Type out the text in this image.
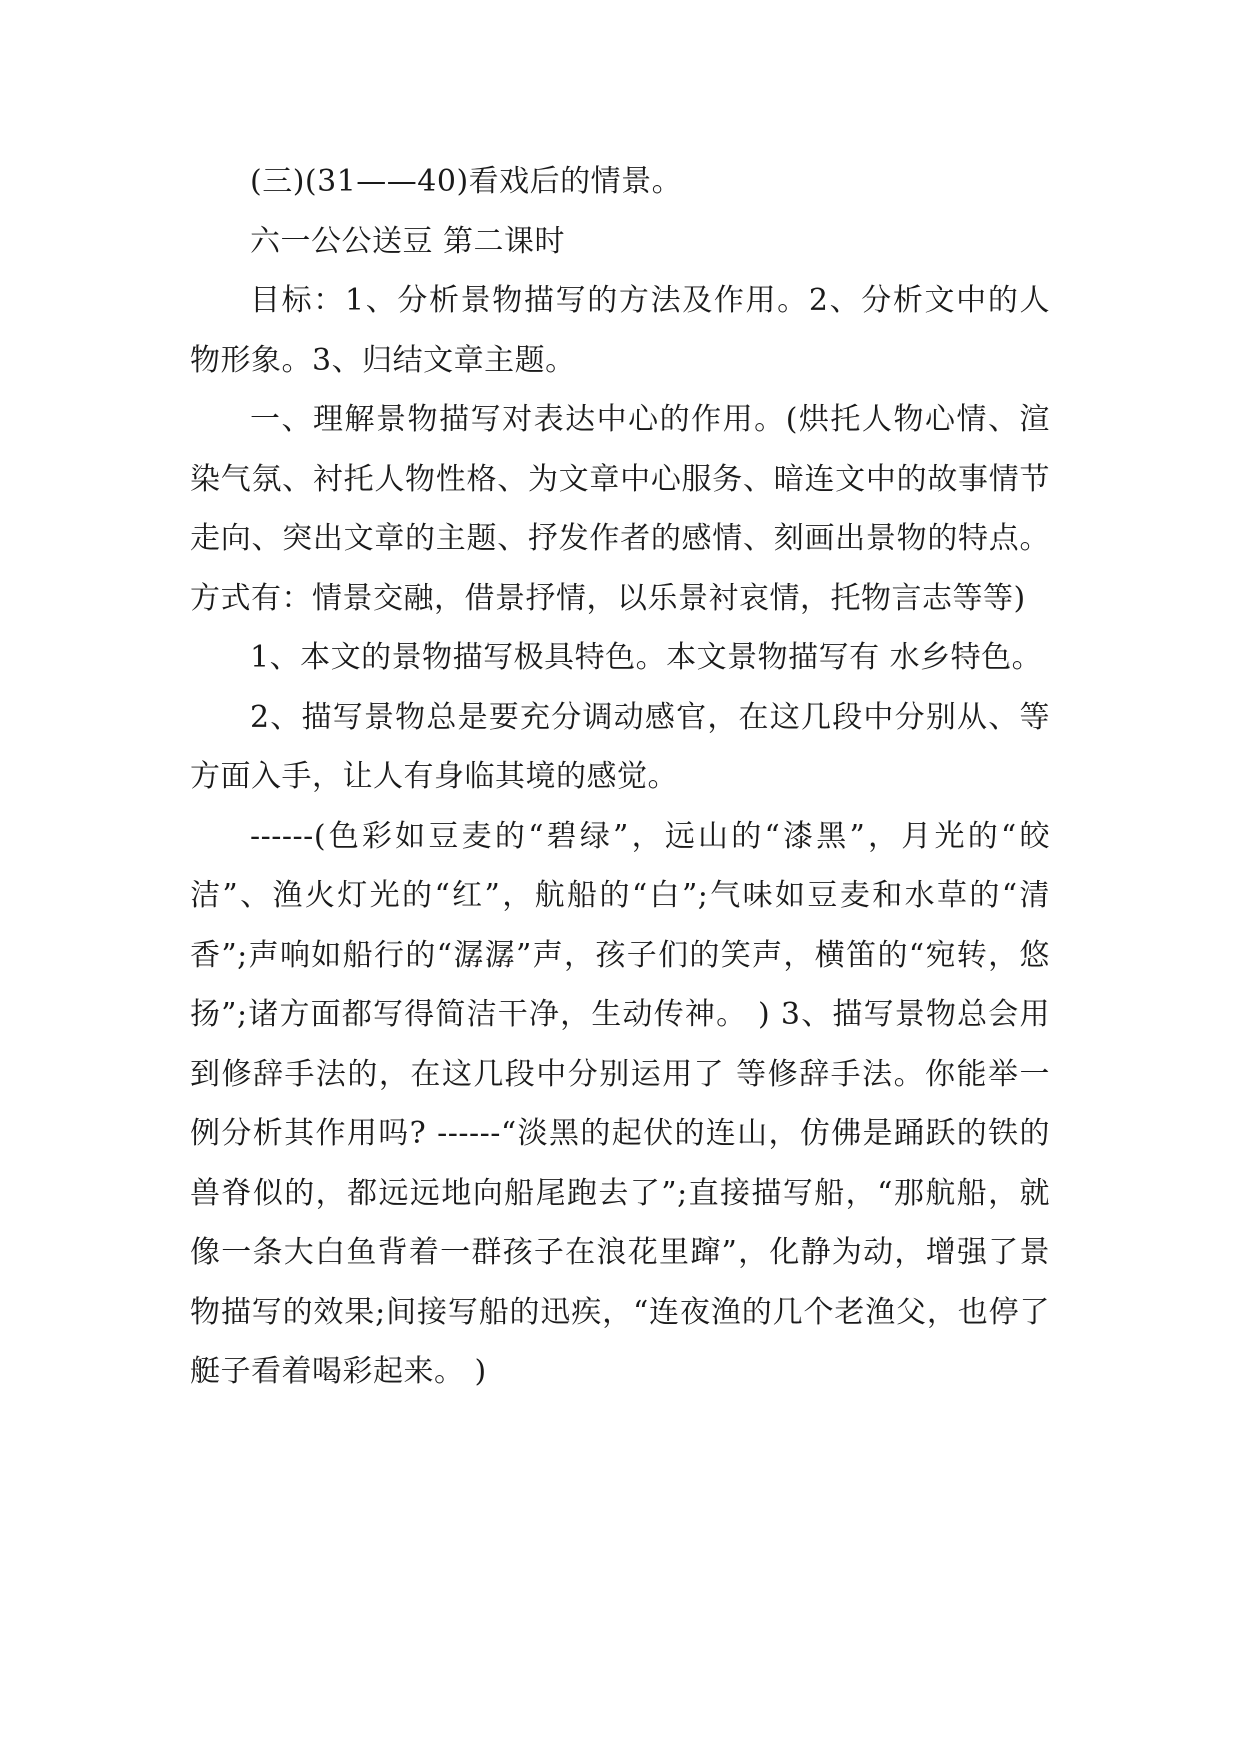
(三)(31——40)看戏后的情景。

六一公公送豆 第二课时

目标：1、分析景物描写的方法及作用。2、分析文中的人物形象。3、归结文章主题。

一、理解景物描写对表达中心的作用。(烘托人物心情、渲染气氛、衬托人物性格、为文章中心服务、暗连文中的故事情节走向、突出文章的主题、抒发作者的感情、刻画出景物的特点。方式有：情景交融，借景抒情，以乐景衬哀情，托物言志等等)

1、本文的景物描写极具特色。本文景物描写有 水乡特色。

2、描写景物总是要充分调动感官，在这几段中分别从、等方面入手，让人有身临其境的感觉。

------(色彩如豆麦的“碧绿”，远山的“漆黑”，月光的“皎洁”、渔火灯光的“红”，航船的“白”;气味如豆麦和水草的“清香”;声响如船行的“潺潺”声，孩子们的笑声，横笛的“宛转，悠扬”;诸方面都写得简洁干净，生动传神。 ) 3、描写景物总会用到修辞手法的，在这几段中分别运用了 等修辞手法。你能举一例分析其作用吗? ------“淡黑的起伏的连山，仿佛是踊跃的铁的兽脊似的，都远远地向船尾跑去了”;直接描写船，“那航船，就像一条大白鱼背着一群孩子在浪花里蹿”，化静为动，增强了景物描写的效果;间接写船的迅疾，“连夜渔的几个老渔父，也停了艇子看着喝彩起来。 )
